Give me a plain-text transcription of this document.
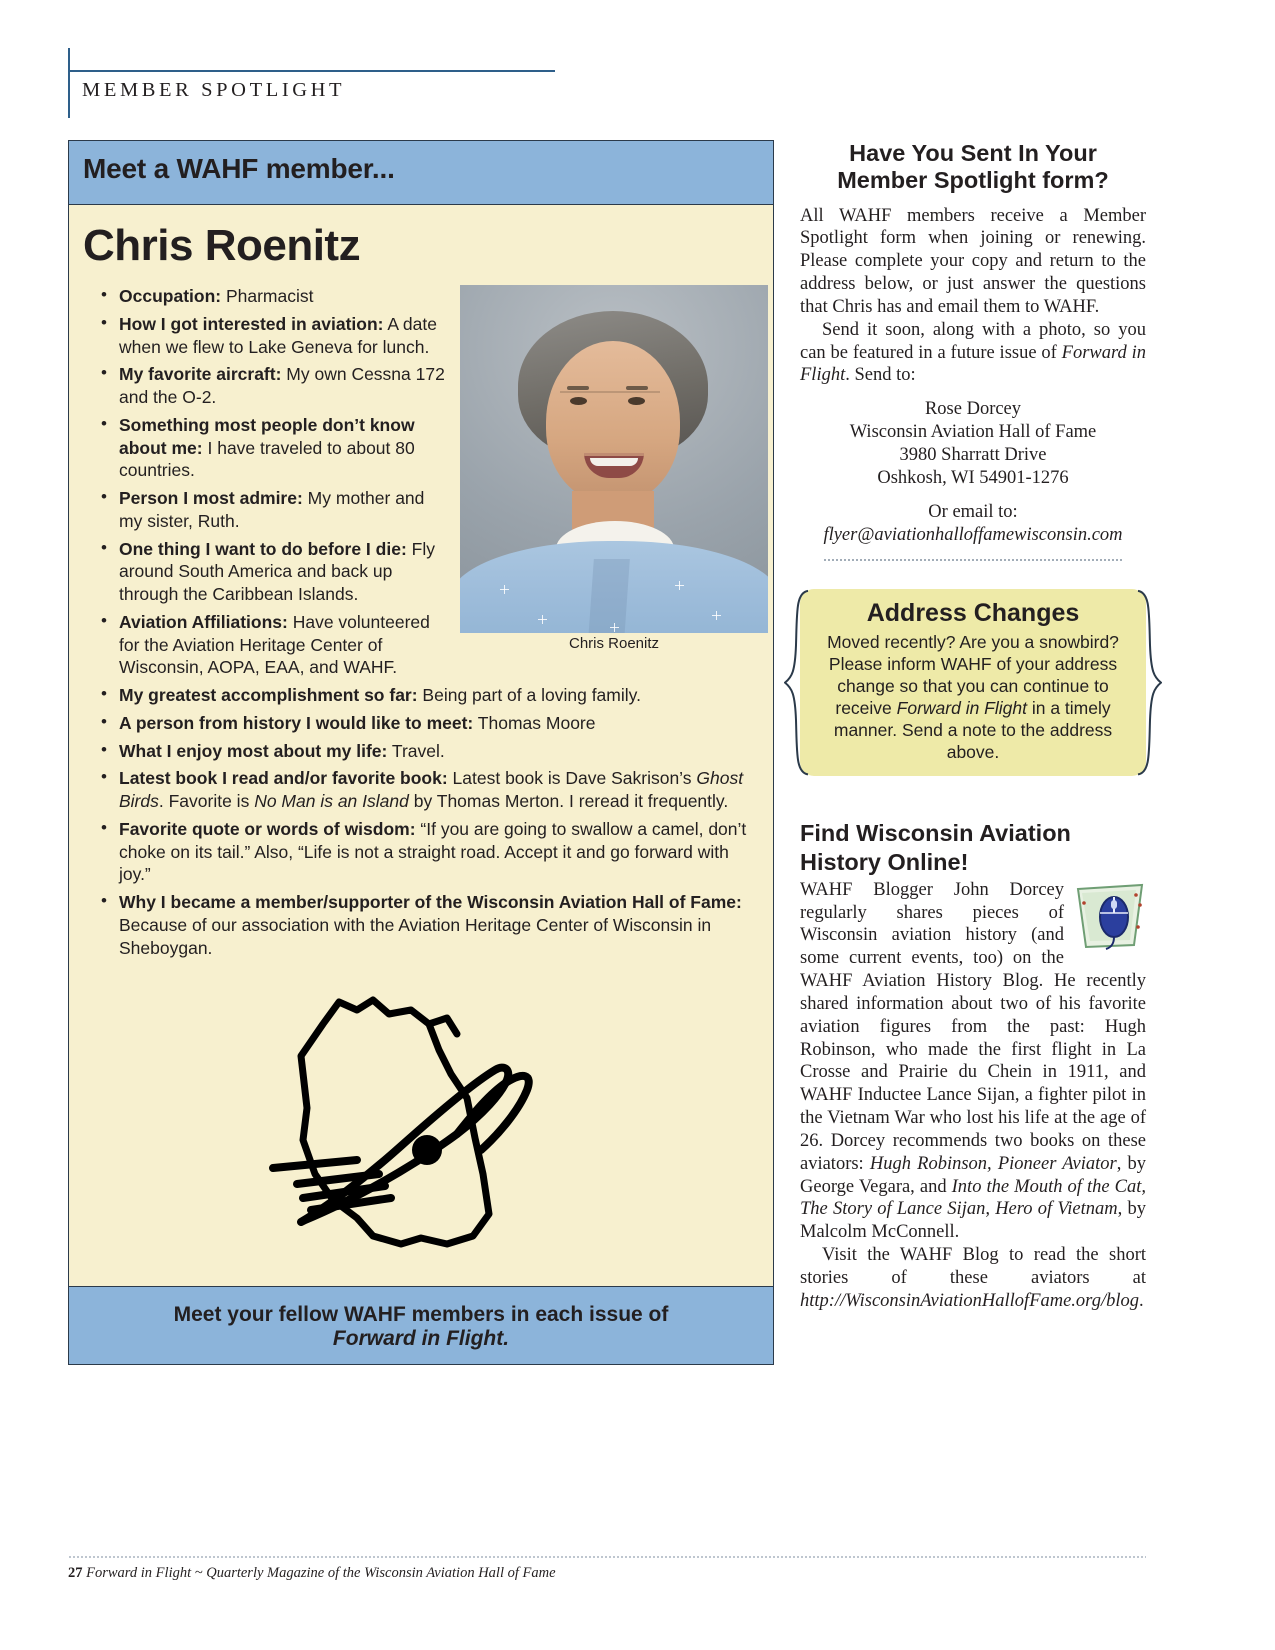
MEMBER SPOTLIGHT
Meet a WAHF member...
Chris Roenitz
Chris Roenitz
• Occupation: Pharmacist
• How I got interested in aviation: A date when we flew to Lake Geneva for lunch.
• My favorite aircraft: My own Cessna 172 and the O-2.
• Something most people don’t know about me: I have traveled to about 80 countries.
• Person I most admire: My mother and my sister, Ruth.
• One thing I want to do before I die: Fly around South America and back up through the Caribbean Islands.
• Aviation Affiliations: Have volunteered for the Aviation Heritage Center of Wisconsin, AOPA, EAA, and WAHF.
• My greatest accomplishment so far: Being part of a loving family.
• A person from history I would like to meet: Thomas Moore
• What I enjoy most about my life: Travel.
• Latest book I read and/or favorite book: Latest book is Dave Sakrison’s Ghost Birds. Favorite is No Man is an Island by Thomas Merton. I reread it frequently.
• Favorite quote or words of wisdom: “If you are going to swallow a camel, don’t choke on its tail.” Also, “Life is not a straight road. Accept it and go forward with joy.”
• Why I became a member/supporter of the Wisconsin Aviation Hall of Fame: Because of our association with the Aviation Heritage Center of Wisconsin in Sheboygan.
Meet your fellow WAHF members in each issue of
Forward in Flight.
Have You Sent In Your
Member Spotlight form?

All WAHF members receive a Member Spotlight form when joining or renewing. Please complete your copy and return to the address below, or just answer the questions that Chris has and email them to WAHF.

Send it soon, along with a photo, so you can be featured in a future issue of Forward in Flight. Send to:

Rose Dorcey
Wisconsin Aviation Hall of Fame
3980 Sharratt Drive
Oshkosh, WI 54901-1276
Or email to:
flyer@aviationhalloffamewisconsin.com
Address Changes
Moved recently? Are you a snowbird? Please inform WAHF of your address change so that you can continue to receive Forward in Flight in a timely manner. Send a note to the address above.
Find Wisconsin Aviation
History Online!

WAHF Blogger John Dorcey regularly shares pieces of Wisconsin aviation history (and some current events, too) on the WAHF Aviation History Blog. He recently shared information about two of his favorite aviation figures from the past: Hugh Robinson, who made the first flight in La Crosse and Prairie du Chein in 1911, and WAHF Inductee Lance Sijan, a fighter pilot in the Vietnam War who lost his life at the age of 26. Dorcey recommends two books on these aviators: Hugh Robinson, Pioneer Aviator, by George Vegara, and Into the Mouth of the Cat, The Story of Lance Sijan, Hero of Vietnam, by Malcolm McConnell.

Visit the WAHF Blog to read the short stories of these aviators at http://WisconsinAviationHallofFame.org/blog.

27 Forward in Flight ~ Quarterly Magazine of the Wisconsin Aviation Hall of Fame
